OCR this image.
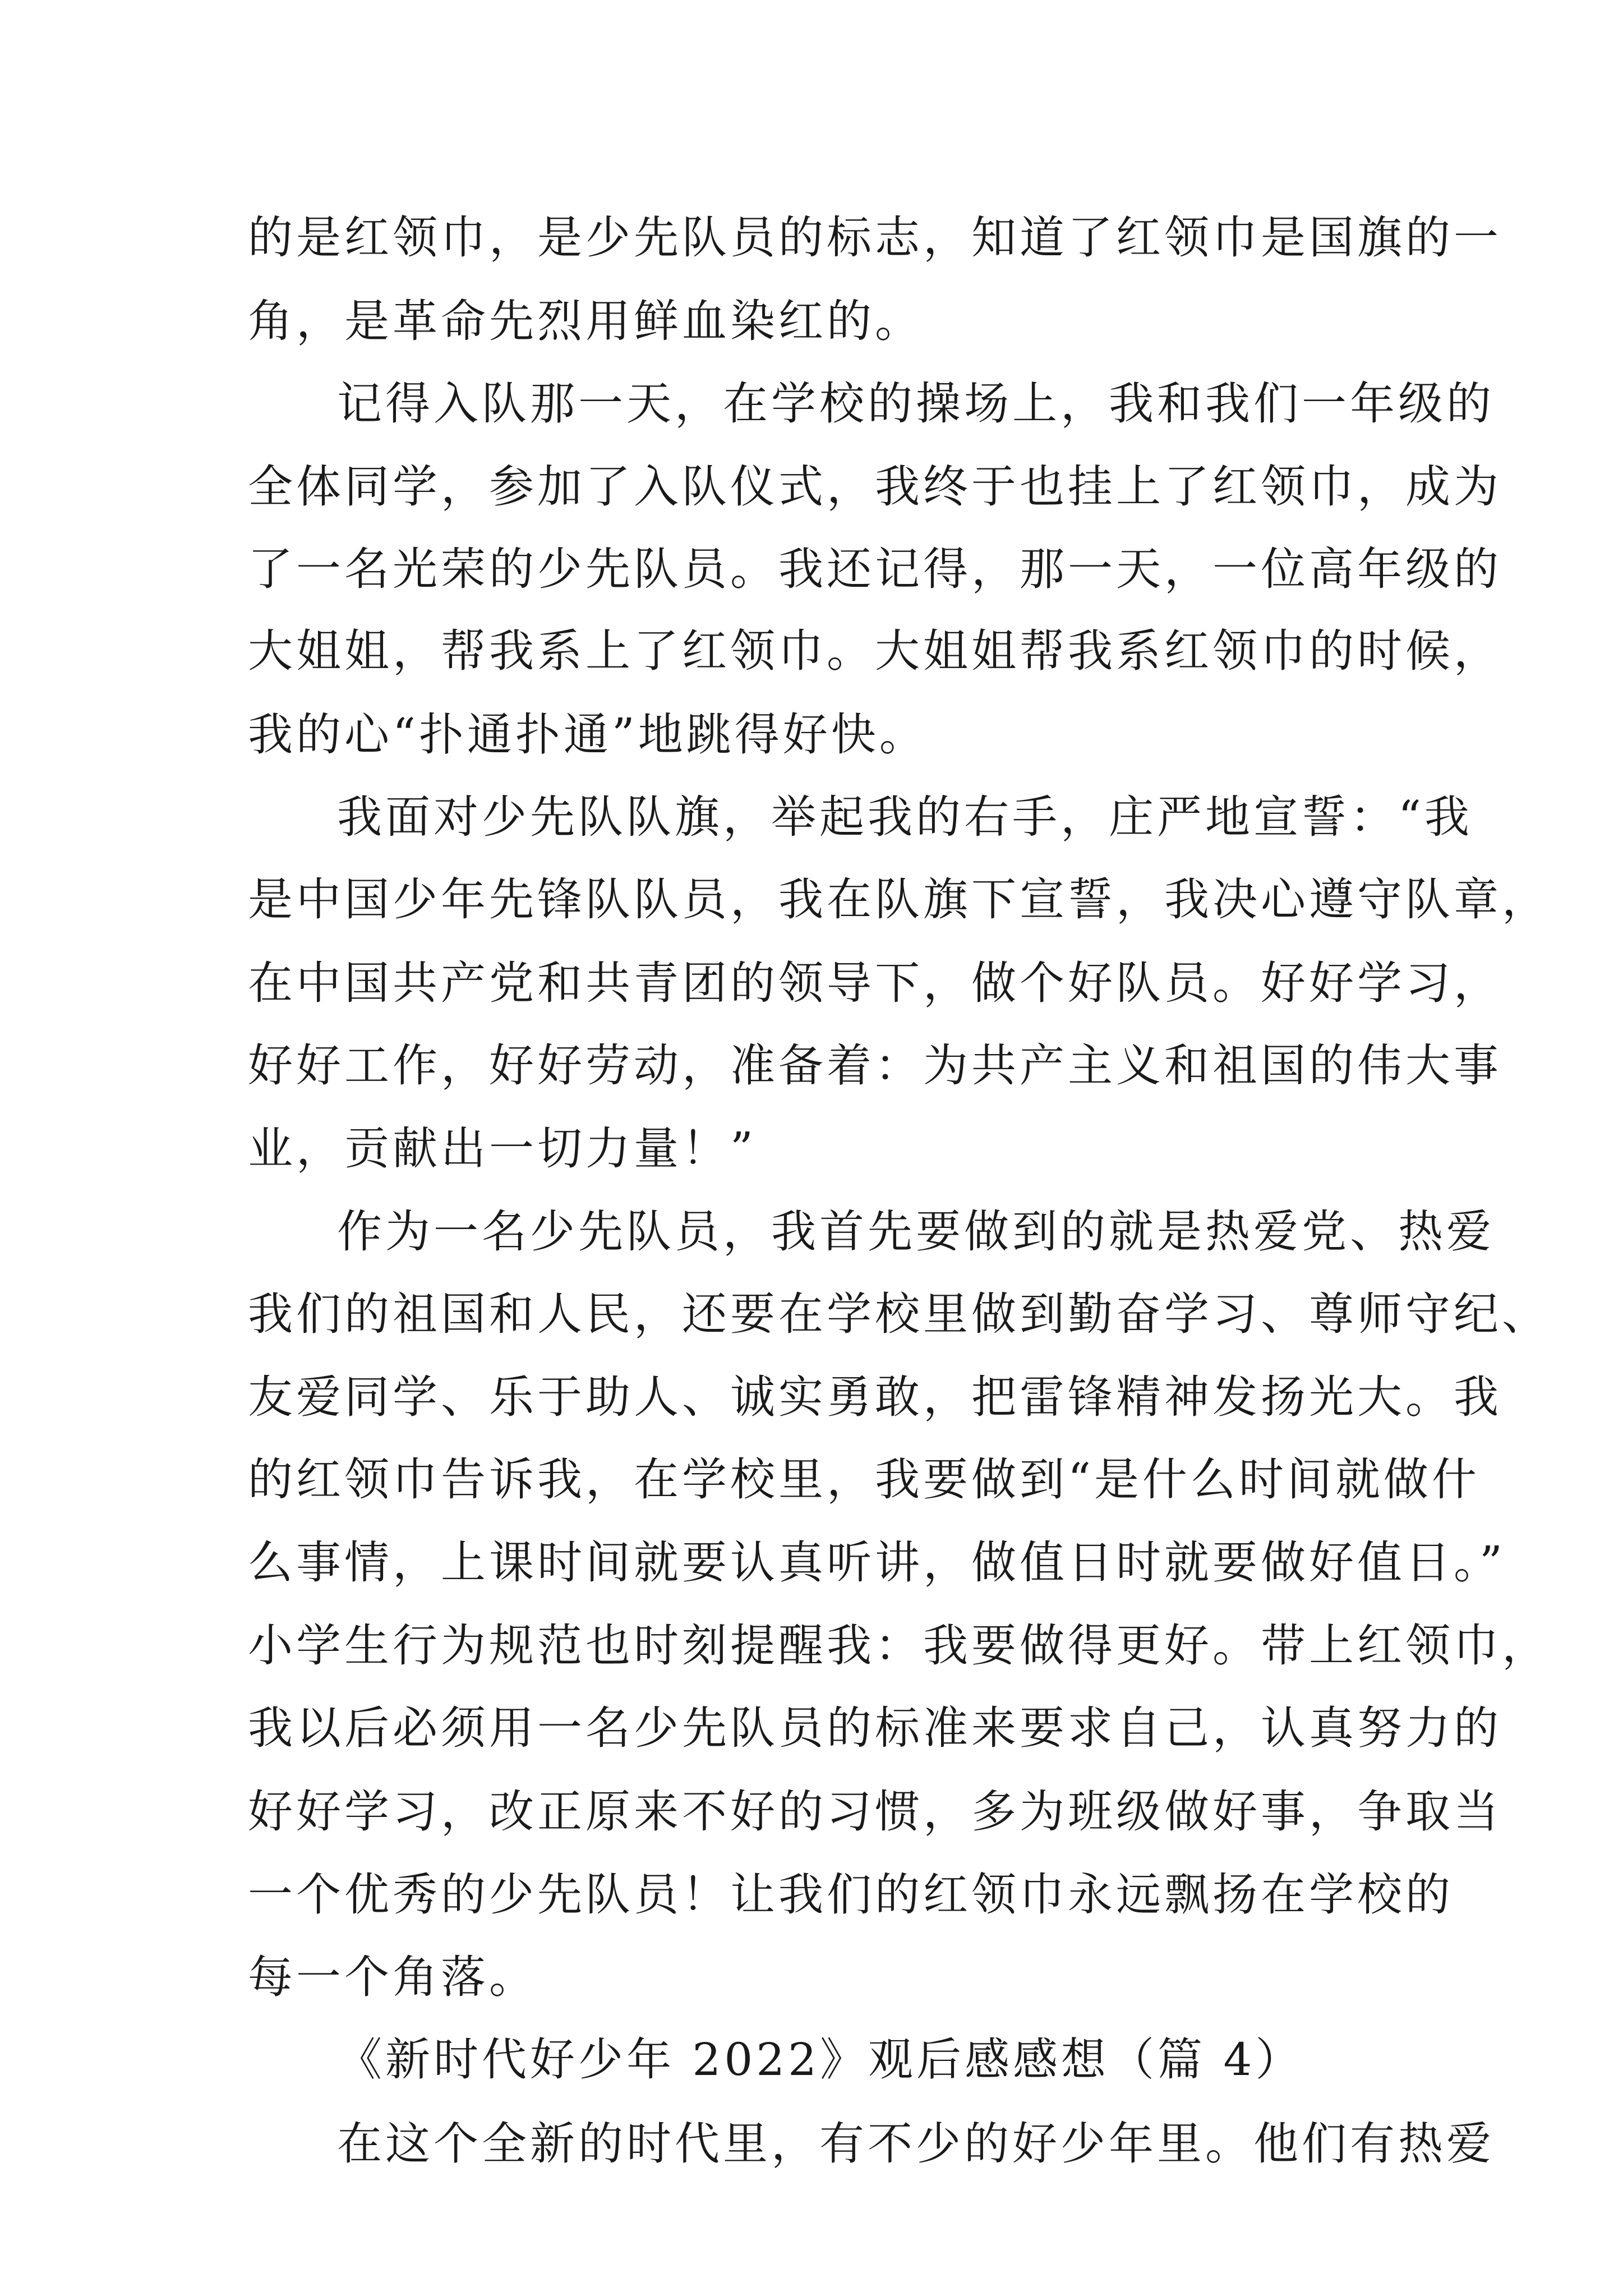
的是红领巾，是少先队员的标志，知道了红领巾是国旗的一
角，是革命先烈用鲜血染红的。
记得入队那一天，在学校的操场上，我和我们一年级的
全体同学，参加了入队仪式，我终于也挂上了红领巾，成为
了一名光荣的少先队员。我还记得，那一天，一位高年级的
大姐姐，帮我系上了红领巾。大姐姐帮我系红领巾的时候，
我的心“扑通扑通”地跳得好快。
我面对少先队队旗，举起我的右手，庄严地宣誓：“我
是中国少年先锋队队员，我在队旗下宣誓，我决心遵守队章，
在中国共产党和共青团的领导下，做个好队员。好好学习，
好好工作，好好劳动，准备着：为共产主义和祖国的伟大事
业，贡献出一切力量！”
作为一名少先队员，我首先要做到的就是热爱党、热爱
我们的祖国和人民，还要在学校里做到勤奋学习、尊师守纪、
友爱同学、乐于助人、诚实勇敢，把雷锋精神发扬光大。我
的红领巾告诉我，在学校里，我要做到“是什么时间就做什
么事情，上课时间就要认真听讲，做值日时就要做好值日。”
小学生行为规范也时刻提醒我：我要做得更好。带上红领巾，
我以后必须用一名少先队员的标准来要求自己，认真努力的
好好学习，改正原来不好的习惯，多为班级做好事，争取当
一个优秀的少先队员！让我们的红领巾永远飘扬在学校的
每一个角落。
《新时代好少年 2022》观后感感想（篇 4）
在这个全新的时代里，有不少的好少年里。他们有热爱
